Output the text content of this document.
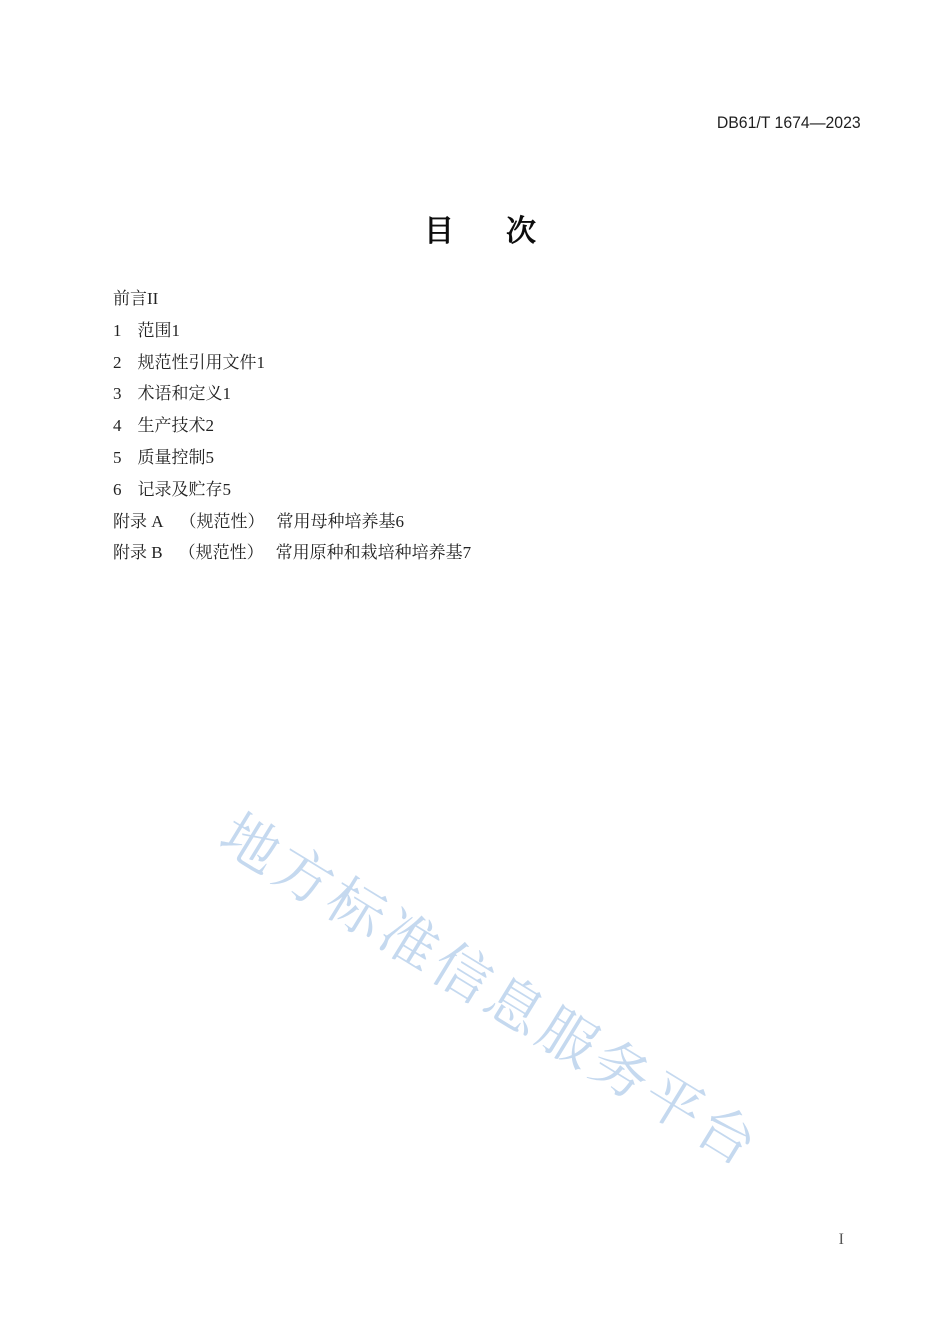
DB61/T 1674—2023
目 次
前言 II
1 范围 1
2 规范性引用文件 1
3 术语和定义 1
4 生产技术 2
5 质量控制 5
6 记录及贮存 5
附录 A （规范性） 常用母种培养基 6
附录 B （规范性） 常用原种和栽培种培养基 7
地方标准信息服务平台
I
